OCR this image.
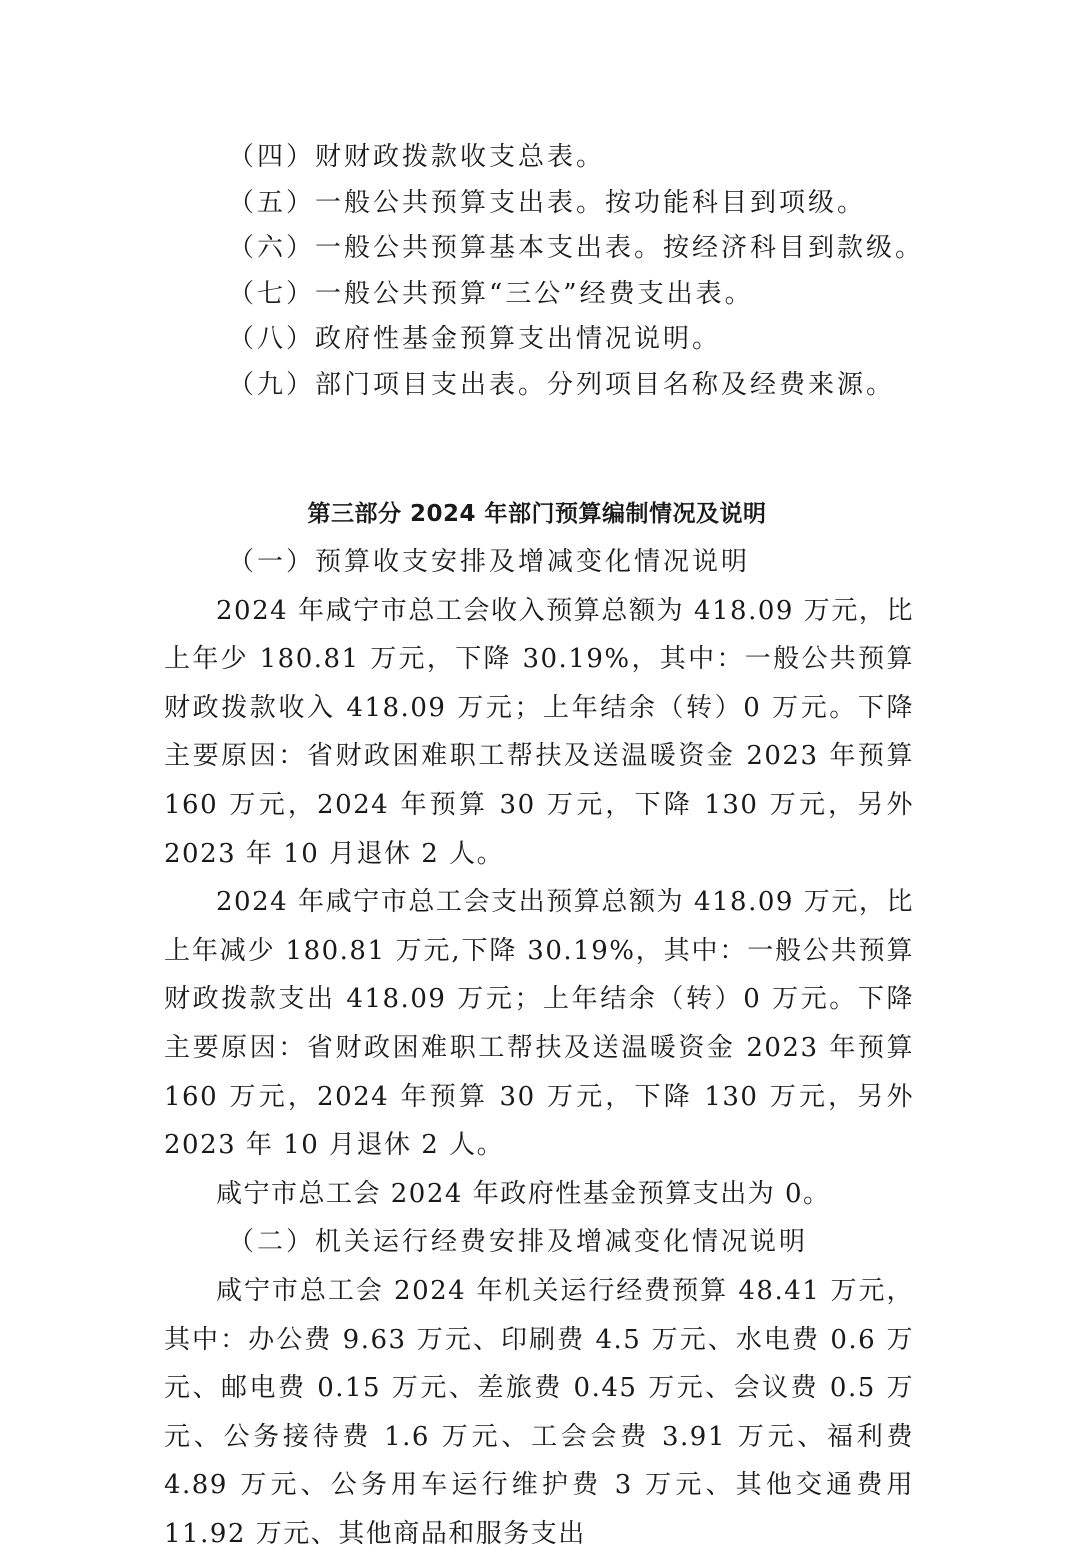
（四）财财政拨款收支总表。
（五）一般公共预算支出表。按功能科目到项级。
（六）一般公共预算基本支出表。按经济科目到款级。
（七）一般公共预算“三公”经费支出表。
（八）政府性基金预算支出情况说明。
（九）部门项目支出表。分列项目名称及经费来源。
第三部分 2024 年部门预算编制情况及说明
（一）预算收支安排及增减变化情况说明

2024 年咸宁市总工会收入预算总额为 418.09 万元，比上年少 180.81 万元，下降 30.19%，其中：一般公共预算财政拨款收入 418.09 万元；上年结余（转）0 万元。下降主要原因：省财政困难职工帮扶及送温暖资金 2023 年预算 160 万元，2024 年预算 30 万元，下降 130 万元，另外 2023 年 10 月退休 2 人。

2024 年咸宁市总工会支出预算总额为 418.09 万元，比上年减少 180.81 万元,下降 30.19%，其中：一般公共预算财政拨款支出 418.09 万元；上年结余（转）0 万元。下降主要原因：省财政困难职工帮扶及送温暖资金 2023 年预算 160 万元，2024 年预算 30 万元，下降 130 万元，另外 2023 年 10 月退休 2 人。

咸宁市总工会 2024 年政府性基金预算支出为 0。

（二）机关运行经费安排及增减变化情况说明

咸宁市总工会 2024 年机关运行经费预算 48.41 万元，其中：办公费 9.63 万元、印刷费 4.5 万元、水电费 0.6 万元、邮电费 0.15 万元、差旅费 0.45 万元、会议费 0.5 万元、公务接待费 1.6 万元、工会会费 3.91 万元、福利费 4.89 万元、公务用车运行维护费 3 万元、其他交通费用 11.92 万元、其他商品和服务支出
